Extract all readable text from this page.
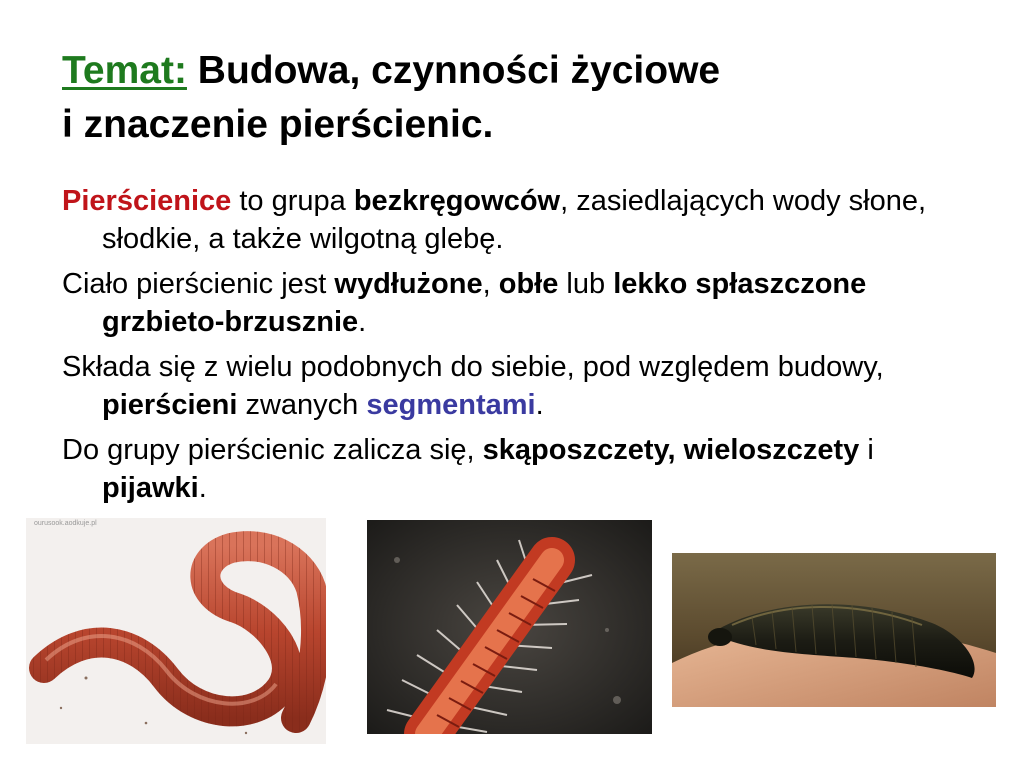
Temat: Budowa, czynności życiowe
i znaczenie pierścienic.

Pierścienice to grupa bezkręgowców, zasiedlających wody słone, słodkie, a także wilgotną glebę.

Ciało pierścienic jest wydłużone, obłe lub lekko spłaszczone grzbieto-brzusznie.

Składa się z wielu podobnych do siebie, pod względem budowy, pierścieni zwanych segmentami.

Do grupy pierścienic zalicza się, skąposzczety, wieloszczety i pijawki.

ourusook.aodkuje.pl
